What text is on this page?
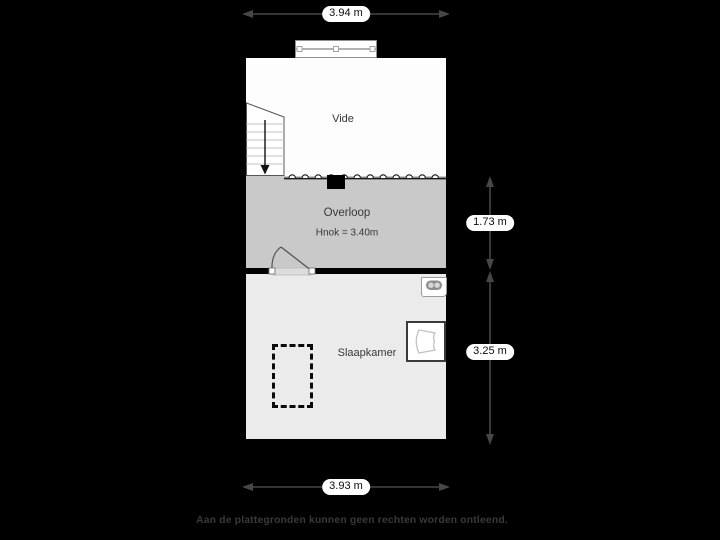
Vide
Overloop
Hnok = 3.40m
Slaapkamer
3.94 m
1.73 m
3.25 m
3.93 m
Aan de plattegronden kunnen geen rechten worden ontleend.
